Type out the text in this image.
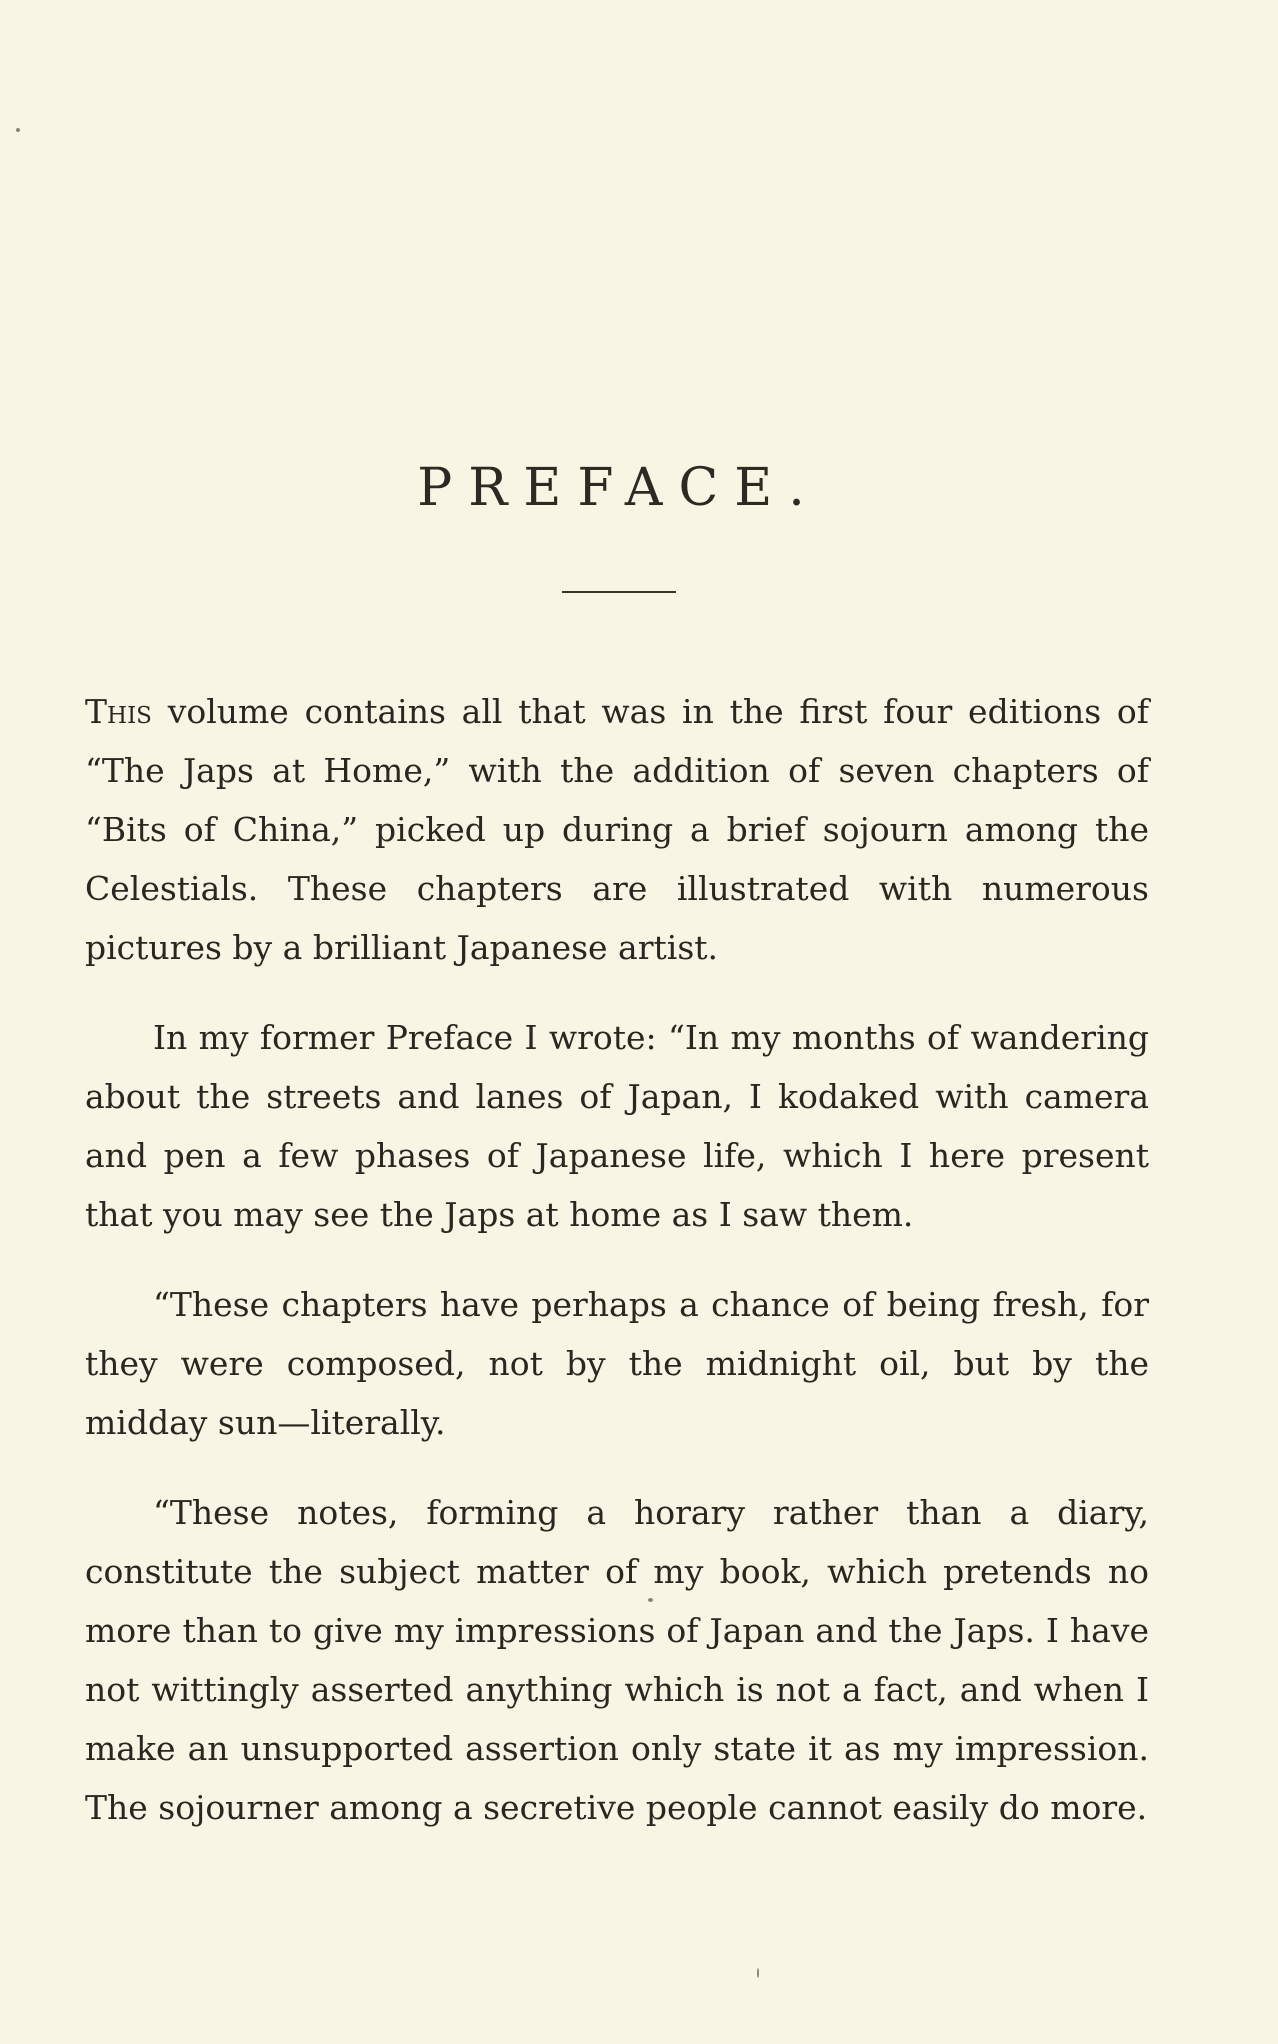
PREFACE.

This volume contains all that was in the first four editions of “The Japs at Home,” with the addition of seven chapters of “Bits of China,” picked up during a brief sojourn among the Celestials. These chapters are illustrated with numerous pictures by a brilliant Japanese artist.

In my former Preface I wrote: “In my months of wandering about the streets and lanes of Japan, I kodaked with camera and pen a few phases of Japanese life, which I here present that you may see the Japs at home as I saw them.

“These chapters have perhaps a chance of being fresh, for they were composed, not by the midnight oil, but by the midday sun—literally.

“These notes, forming a horary rather than a diary, constitute the subject matter of my book, which pretends no more than to give my impressions of Japan and the Japs. I have not wittingly asserted anything which is not a fact, and when I make an unsupported assertion only state it as my impression. The sojourner among a secretive people cannot easily do more.
